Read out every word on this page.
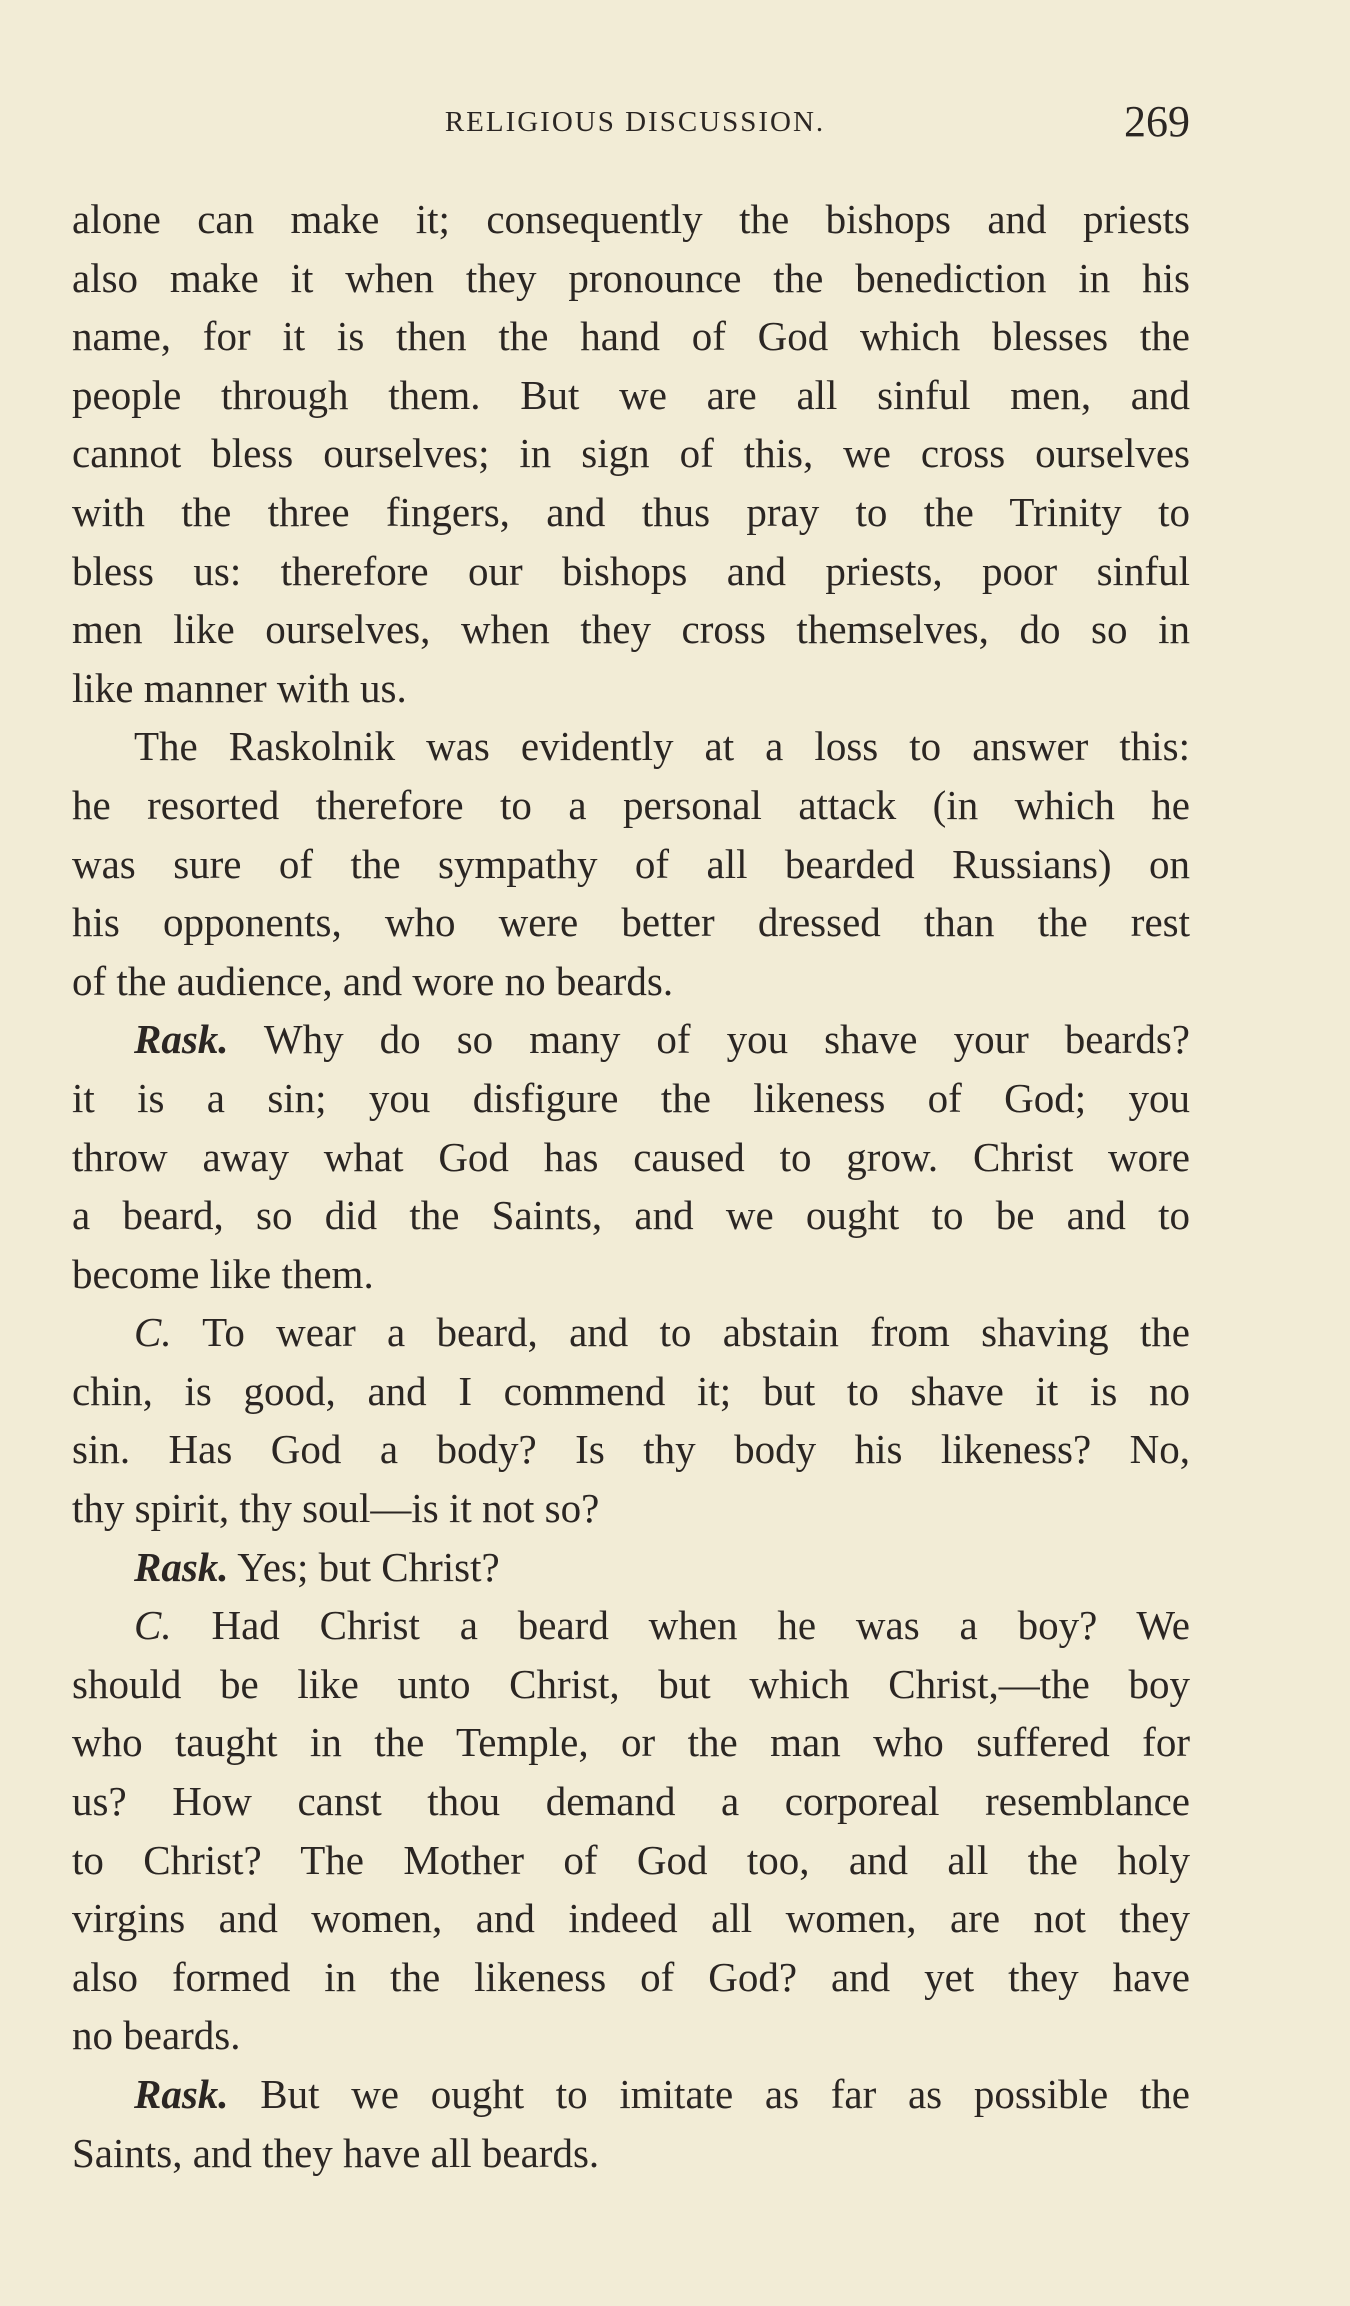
RELIGIOUS DISCUSSION.	269
alone can make it; consequently the bishops and priests
also make it when they pronounce the benediction in his
name, for it is then the hand of God which blesses the
people through them. But we are all sinful men, and
cannot bless ourselves; in sign of this, we cross ourselves
with the three fingers, and thus pray to the Trinity to
bless us: therefore our bishops and priests, poor sinful
men like ourselves, when they cross themselves, do so in
like manner with us.
The Raskolnik was evidently at a loss to answer this:
he resorted therefore to a personal attack (in which he
was sure of the sympathy of all bearded Russians) on
his opponents, who were better dressed than the rest
of the audience, and wore no beards.
Rask. Why do so many of you shave your beards?
it is a sin; you disfigure the likeness of God; you
throw away what God has caused to grow. Christ wore
a beard, so did the Saints, and we ought to be and to
become like them.
C. To wear a beard, and to abstain from shaving the
chin, is good, and I commend it; but to shave it is no
sin. Has God a body? Is thy body his likeness? No,
thy spirit, thy soul—is it not so?
Rask. Yes; but Christ?
C. Had Christ a beard when he was a boy? We
should be like unto Christ, but which Christ,—the boy
who taught in the Temple, or the man who suffered for
us? How canst thou demand a corporeal resemblance
to Christ? The Mother of God too, and all the holy
virgins and women, and indeed all women, are not they
also formed in the likeness of God? and yet they have
no beards.
Rask. But we ought to imitate as far as possible the
Saints, and they have all beards.
